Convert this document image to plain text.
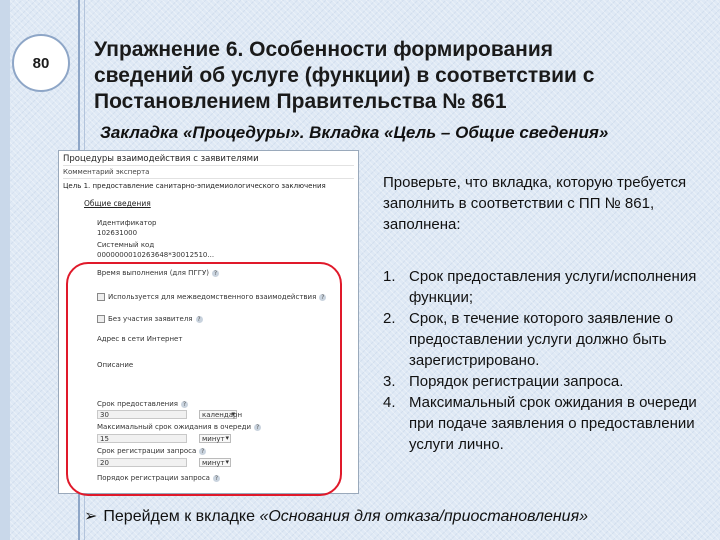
80
Упражнение 6. Особенности формирования
сведений об услуге (функции) в соответствии с
Постановлением Правительства № 861
Закладка «Процедуры». Вкладка «Цель – Общие сведения»
Процедуры взаимодействия с заявителями
Комментарий эксперта
Цель 1. предоставление санитарно-эпидемиологического заключения
Общие сведения
Идентификатор
102631000
Системный код
0000000010263648*30012510...
Время выполнения (для ПГГУ) ?
Используется для межведомственного взаимодействия ?
Без участия заявителя ?
Адрес в сети Интернет
Описание
Срок предоставления ?
30	календарн ▾
Максимальный срок ожидания в очереди ?
15	минут ▾
Срок регистрации запроса ?
20	минут ▾
Порядок регистрации запроса ?
Проверьте, что вкладка, которую требуется заполнить в соответствии с ПП № 861, заполнена:
1. Срок предоставления услуги/исполнения функции;
2. Срок, в течение которого заявление о предоставлении услуги должно быть зарегистрировано.
3. Порядок регистрации запроса.
4. Максимальный срок ожидания в очереди при подаче заявления о предоставлении услуги лично.
➢ Перейдем к вкладке «Основания для отказа/приостановления»
